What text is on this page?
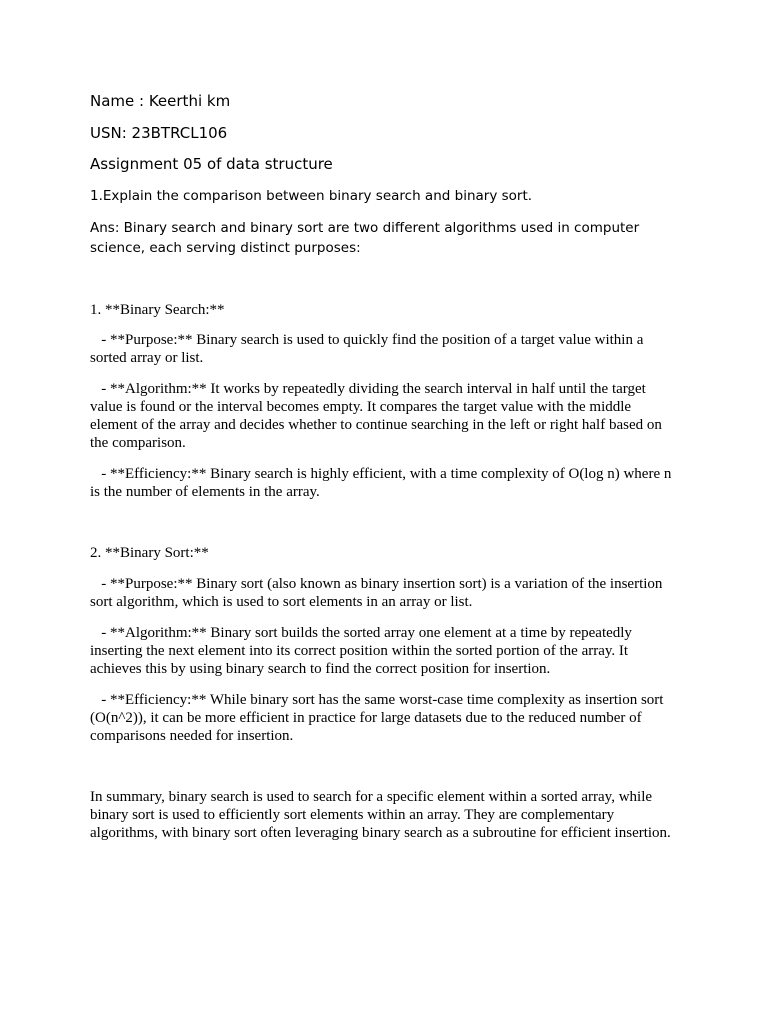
Name : Keerthi km

USN: 23BTRCL106

Assignment 05 of data structure

1.Explain the comparison between binary search and binary sort.

Ans: Binary search and binary sort are two different algorithms used in computer science, each serving distinct purposes:

1. **Binary Search:**

- **Purpose:** Binary search is used to quickly find the position of a target value within a sorted array or list.

- **Algorithm:** It works by repeatedly dividing the search interval in half until the target value is found or the interval becomes empty. It compares the target value with the middle element of the array and decides whether to continue searching in the left or right half based on the comparison.

- **Efficiency:** Binary search is highly efficient, with a time complexity of O(log n) where n is the number of elements in the array.

2. **Binary Sort:**

- **Purpose:** Binary sort (also known as binary insertion sort) is a variation of the insertion sort algorithm, which is used to sort elements in an array or list.

- **Algorithm:** Binary sort builds the sorted array one element at a time by repeatedly inserting the next element into its correct position within the sorted portion of the array. It achieves this by using binary search to find the correct position for insertion.

- **Efficiency:** While binary sort has the same worst-case time complexity as insertion sort (O(n^2)), it can be more efficient in practice for large datasets due to the reduced number of comparisons needed for insertion.

In summary, binary search is used to search for a specific element within a sorted array, while binary sort is used to efficiently sort elements within an array. They are complementary algorithms, with binary sort often leveraging binary search as a subroutine for efficient insertion.
